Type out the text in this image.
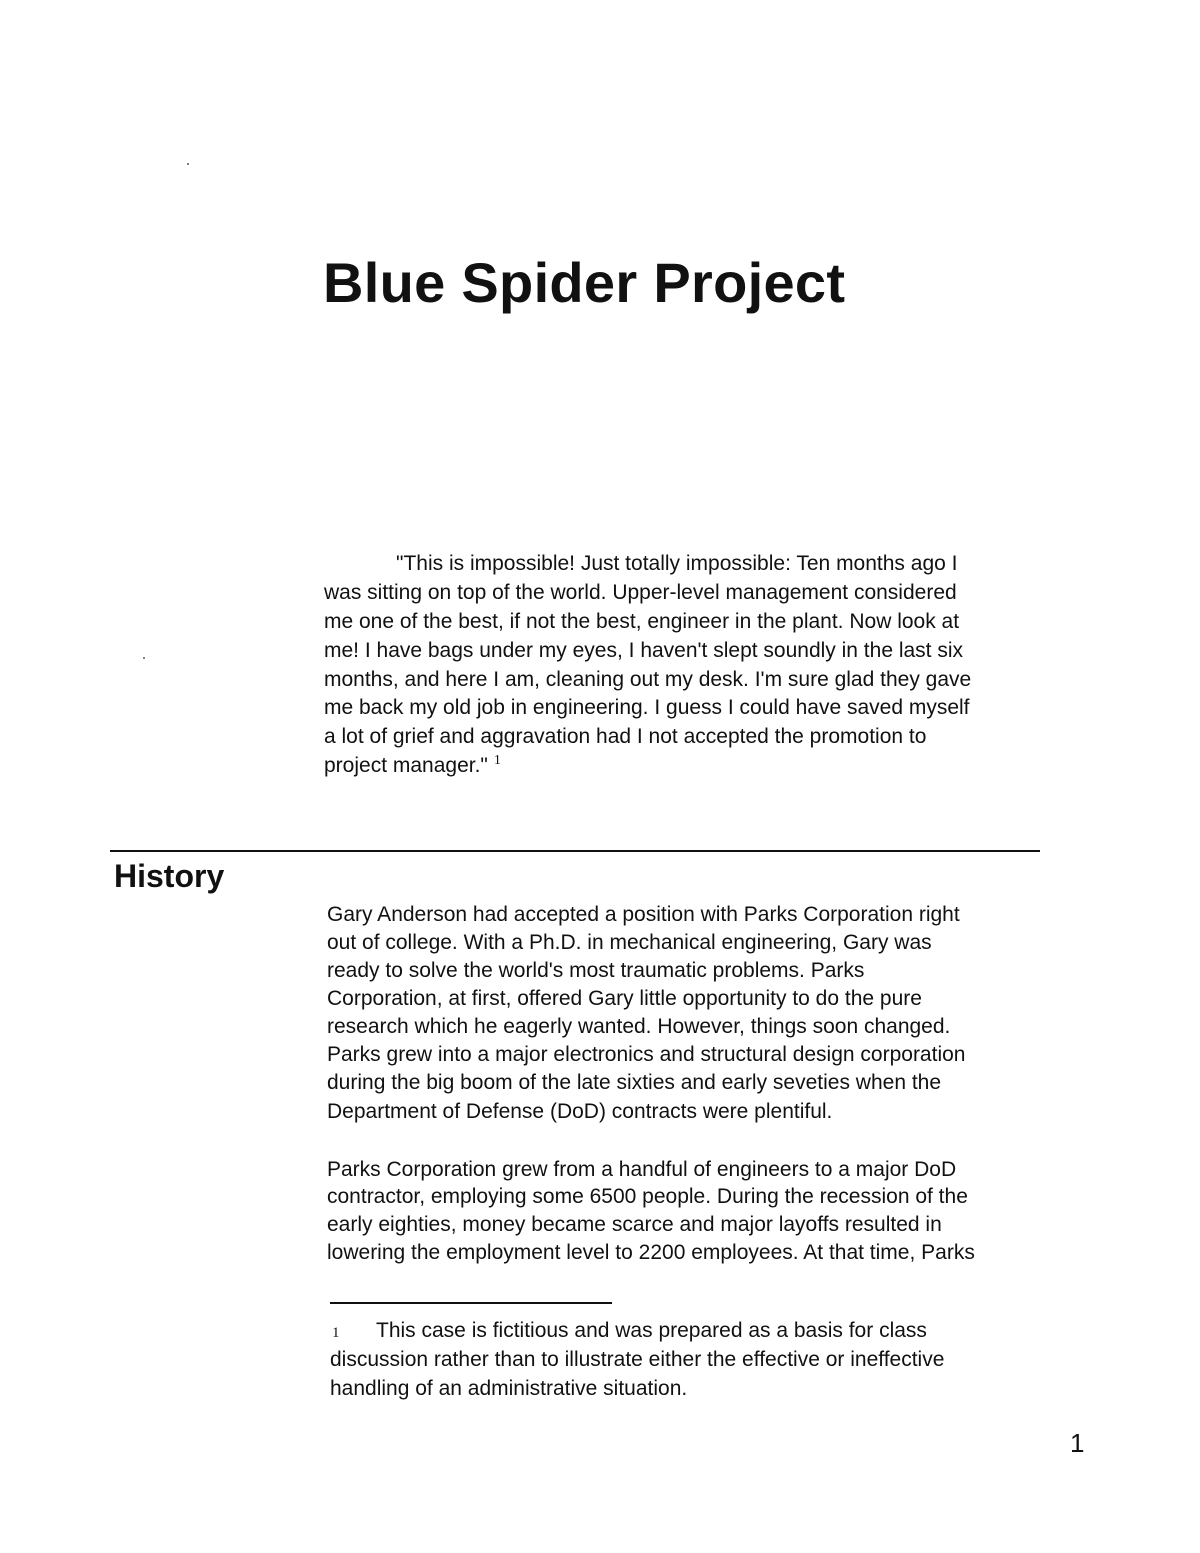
Blue Spider Project

"This is impossible! Just totally impossible: Ten months ago I

was sitting on top of the world. Upper-level management considered

me one of the best, if not the best, engineer in the plant. Now look at

me! I have bags under my eyes, I haven't slept soundly in the last six

months, and here I am, cleaning out my desk. I'm sure glad they gave

me back my old job in engineering. I guess I could have saved myself

a lot of grief and aggravation had I not accepted the promotion to

project manager." $^1$

History

Gary Anderson had accepted a position with Parks Corporation right

out of college. With a Ph.D. in mechanical engineering, Gary was

ready to solve the world's most traumatic problems. Parks

Corporation, at first, offered Gary little opportunity to do the pure

research which he eagerly wanted. However, things soon changed.

Parks grew into a major electronics and structural design corporation

during the big boom of the late sixties and early seveties when the

Department of Defense (DoD) contracts were plentiful.

Parks Corporation grew from a handful of engineers to a major DoD

contractor, employing some 6500 people. During the recession of the

early eighties, money became scarce and major layoffs resulted in

lowering the employment level to 2200 employees. At that time, Parks

1 This case is fictitious and was prepared as a basis for class

discussion rather than to illustrate either the effective or ineffective

handling of an administrative situation.

1
